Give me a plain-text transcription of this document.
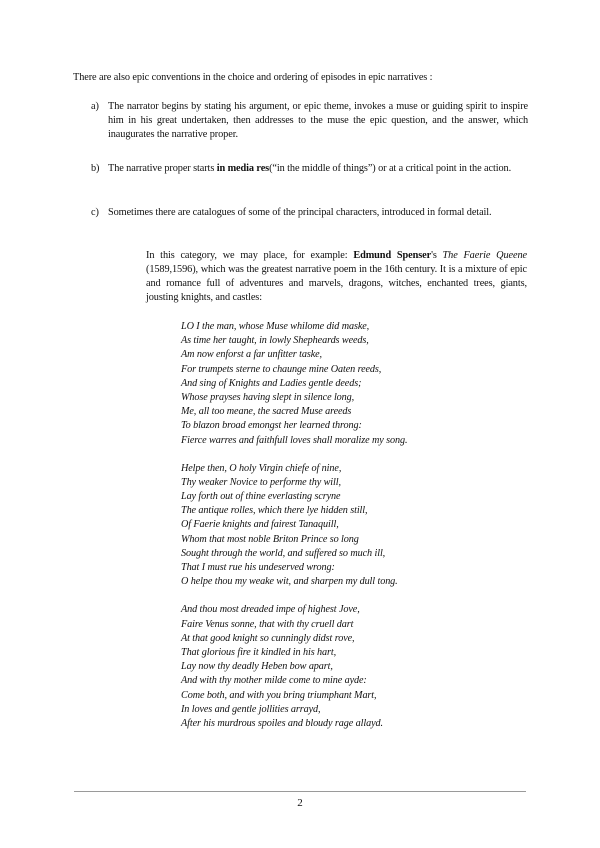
There are also epic conventions in the choice and ordering of episodes in epic narratives :

a) The narrator begins by stating his argument, or epic theme, invokes a muse or guiding spirit to inspire him in his great undertaken, then addresses to the muse the epic question, and the answer, which inaugurates the narrative proper.
b) The narrative proper starts in media res(“in the middle of things”) or at a critical point in the action.
c) Sometimes there are catalogues of some of the principal characters, introduced in formal detail.

In this category, we may place, for example: Edmund Spenser's The Faerie Queene (1589,1596), which was the greatest narrative poem in the 16th century. It is a mixture of epic and romance full of adventures and marvels, dragons, witches, enchanted trees, giants, jousting knights, and castles:

LO I the man, whose Muse whilome did maske,
As time her taught, in lowly Shepheards weeds,
Am now enforst a far unfitter taske,
For trumpets sterne to chaunge mine Oaten reeds,
And sing of Knights and Ladies gentle deeds;
Whose prayses having slept in silence long,
Me, all too meane, the sacred Muse areeds
To blazon broad emongst her learned throng:
Fierce warres and faithfull loves shall moralize my song.
Helpe then, O holy Virgin chiefe of nine,
Thy weaker Novice to performe thy will,
Lay forth out of thine everlasting scryne
The antique rolles, which there lye hidden still,
Of Faerie knights and fairest Tanaquill,
Whom that most noble Briton Prince so long
Sought through the world, and suffered so much ill,
That I must rue his undeserved wrong:
O helpe thou my weake wit, and sharpen my dull tong.
And thou most dreaded impe of highest Jove,
Faire Venus sonne, that with thy cruell dart
At that good knight so cunningly didst rove,
That glorious fire it kindled in his hart,
Lay now thy deadly Heben bow apart,
And with thy mother milde come to mine ayde:
Come both, and with you bring triumphant Mart,
In loves and gentle jollities arrayd,
After his murdrous spoiles and bloudy rage allayd.
2
